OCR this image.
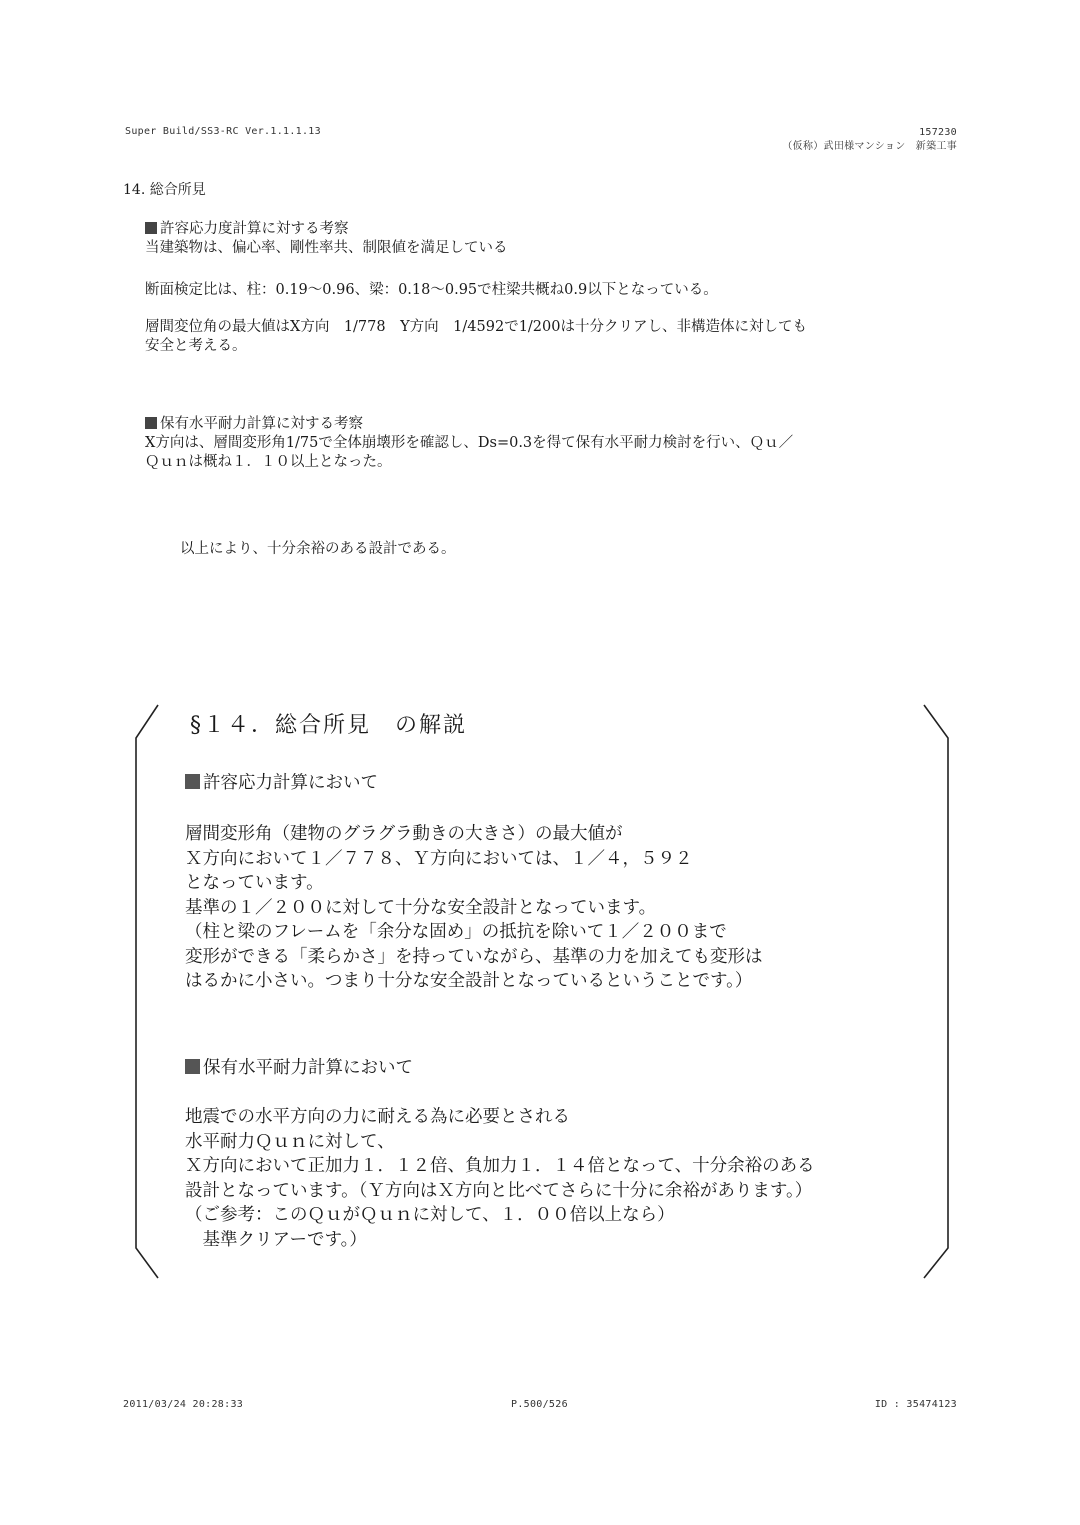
Super Build/SS3-RC Ver.1.1.1.13	157230
（仮称）武田様マンション　新築工事
14. 総合所見

許容応力度計算に対する考察

当建築物は、偏心率、剛性率共、制限値を満足している

断面検定比は、柱：0.19～0.96、梁：0.18～0.95で柱梁共概ね0.9以下となっている。

層間変位角の最大値はX方向　1/778　Y方向　1/4592で1/200は十分クリアし、非構造体に対しても

安全と考える。

保有水平耐力計算に対する考察

X方向は、層間変形角1/75で全体崩壊形を確認し、Ds=0.3を得て保有水平耐力検討を行い、Ｑｕ／

Ｑｕｎは概ね１．１０以上となった。

以上により、十分余裕のある設計である。
§１４．総合所見　の解説

許容応力計算において

層間変形角（建物のグラグラ動きの大きさ）の最大値が

Ｘ方向において１／７７８、Ｙ方向においては、１／４，５９２

となっています。

基準の１／２００に対して十分な安全設計となっています。

（柱と梁のフレームを「余分な固め」の抵抗を除いて１／２００まで

変形ができる「柔らかさ」を持っていながら、基準の力を加えても変形は

はるかに小さい。つまり十分な安全設計となっているということです。）

保有水平耐力計算において

地震での水平方向の力に耐える為に必要とされる

水平耐力Ｑｕｎに対して、

Ｘ方向において正加力１．１２倍、負加力１．１４倍となって、十分余裕のある

設計となっています。（Ｙ方向はＸ方向と比べてさらに十分に余裕があります。）

（ご参考：このＱｕがＱｕｎに対して、１．００倍以上なら）

　基準クリアーです。）

2011/03/24 20:28:33	P.500/526	ID : 35474123
